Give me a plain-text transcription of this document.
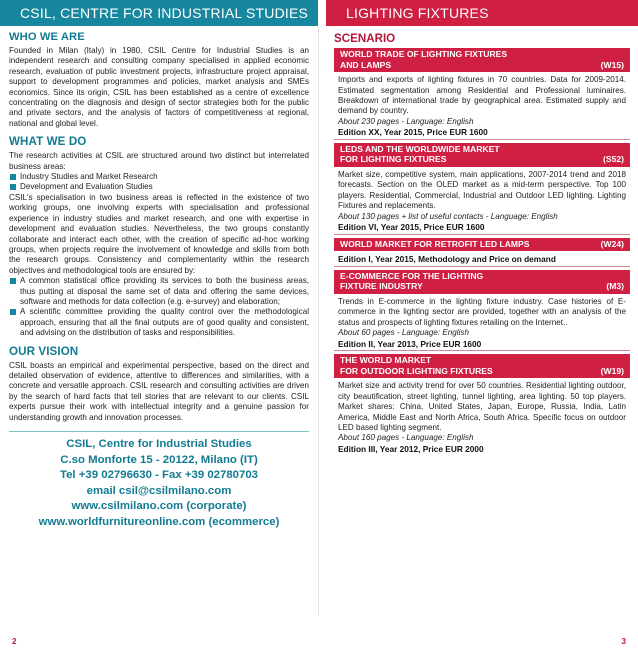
CSIL, CENTRE FOR INDUSTRIAL STUDIES
WHO WE ARE
Founded in Milan (Italy) in 1980, CSIL Centre for Industrial Studies is an independent research and consulting company specialised in applied economic research, evaluation of public investment projects, infrastructure project appraisal, support to development programmes and policies, market analysis and SMEs economics. Since its origin, CSIL has been established as a centre of excellence concentrating on the diagnosis and design of sector strategies both for the public and private sectors, and the analysis of factors of competitiveness at regional, national and global level.
WHAT WE DO
The research activities at CSIL are structured around two distinct but interrelated business areas:
Industry Studies and Market Research
Development and Evaluation Studies
CSIL's specialisation in two business areas is reflected in the existence of two working groups, one involving experts with specialisation and professional experience in industry studies and market research, and one with expertise in development and evaluation studies. Nevertheless, the two groups constantly collaborate and interact each other, with the creation of specific ad-hoc working groups, when projects require the involvement of knowledge and skills from both the research groups. Consistency and complementarity within the research objectives and methodological tools are ensured by:
A common statistical office providing its services to both the business areas, thus putting at disposal the same set of data and offering the same devices, software and methods for data collection (e.g. e-survey) and elaboration;
A scientific committee providing the quality control over the methodological approach, ensuring that all the final outputs are of good quality and consistent, and advising on the distribution of tasks and responsibilities.
OUR VISION
CSIL boasts an empirical and experimental perspective, based on the direct and detailed observation of evidence, attentive to differences and similarities, with a concrete and versatile approach. CSIL research and consulting activities are driven by the search of hard facts that tell stories that are relevant to our clients. CSIL experts pursue their work with intellectual integrity and a genuine passion for understanding growth and innovation processes.
CSIL, Centre for Industrial Studies
C.so Monforte 15 - 20122, Milano (IT)
Tel +39 02796630 - Fax +39 02780703
email csil@csilmilano.com
www.csilmilano.com (corporate)
www.worldfurnitureonline.com (ecommerce)
2
LIGHTING FIXTURES
SCENARIO
WORLD TRADE OF LIGHTING FIXTURES
AND LAMPS	(W15)
Imports and exports of lighting fixtures in 70 countries. Data for 2009-2014. Estimated segmentation among Residential and Professional luminaires. Breakdown of international trade by geographical area. Estimated supply and demand by country.
About 230 pages - Language: English
Edition XX, Year 2015, Price EUR 1600
LEDS AND THE WORLDWIDE MARKET
FOR LIGHTING FIXTURES	(S52)
Market size, competitive system, main applications, 2007-2014 trend and 2018 forecasts. Section on the OLED market as a mid-term perspective. Top 100 players. Residential, Commercial, Industrial and Outdoor LED lighting. Lighting Fixtures and replacements.
About 130 pages + list of useful contacts - Language: English
Edition VI, Year 2015, Price EUR 1600
WORLD MARKET FOR RETROFIT LED LAMPS	(W24)
Edition I, Year 2015, Methodology and Price on demand
E-COMMERCE FOR THE LIGHTING
FIXTURE INDUSTRY	(M3)
Trends in E-commerce in the lighting fixture industry. Case histories of E-commerce in the lighting sector are provided, together with an analysis of the status and prospects of lighting fixtures retailing on the Internet..
About 60 pages - Language: English
Edition II, Year 2013, Price EUR 1600
THE WORLD MARKET
FOR OUTDOOR LIGHTING FIXTURES	(W19)
Market size and activity trend for over 50 countries. Residential lighting outdoor, city beautification, street lighting, tunnel lighting, area lighting. 50 top players. Market shares: China, United States, Japan, Europe, Russia, India, Latin America, Middle East and North Africa, South Africa. Specific focus on outdoor LED based lighting segment.
About 160 pages - Language: English
Edition III, Year 2012, Price EUR 2000
3
